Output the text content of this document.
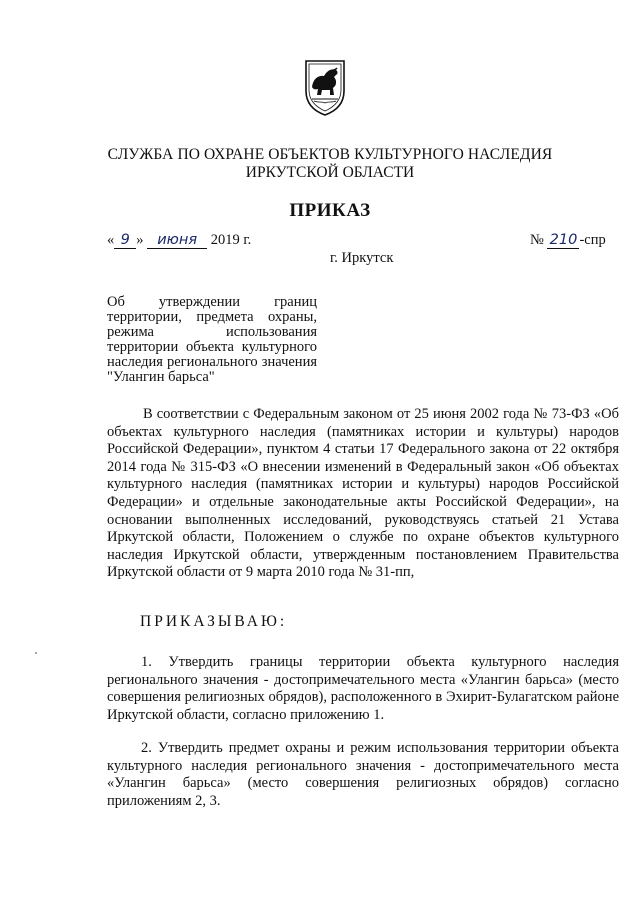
СЛУЖБА ПО ОХРАНЕ ОБЪЕКТОВ КУЛЬТУРНОГО НАСЛЕДИЯ
ИРКУТСКОЙ ОБЛАСТИ
ПРИКАЗ
« 9 » июня 2019 г.	№ 210 -спр
г. Иркутск
Об утверждении границ территории, предмета охраны, режима использования территории объекта культурного наследия регионального значения "Улангин барьса"
В соответствии с Федеральным законом от 25 июня 2002 года № 73-ФЗ «Об объектах культурного наследия (памятниках истории и культуры) народов Российской Федерации», пунктом 4 статьи 17 Федерального закона от 22 октября 2014 года № 315-ФЗ «О внесении изменений в Федеральный закон «Об объектах культурного наследия (памятниках истории и культуры) народов Российской Федерации» и отдельные законодательные акты Российской Федерации», на основании выполненных исследований, руководствуясь статьей 21 Устава Иркутской области, Положением о службе по охране объектов культурного наследия Иркутской области, утвержденным постановлением Правительства Иркутской области от 9 марта 2010 года № 31-пп,
ПРИКАЗЫВАЮ:
1. Утвердить границы территории объекта культурного наследия регионального значения - достопримечательного места «Улангин барьса» (место совершения религиозных обрядов), расположенного в Эхирит-Булагатском районе Иркутской области, согласно приложению 1.
2. Утвердить предмет охраны и режим использования территории объекта культурного наследия регионального значения - достопримечательного места «Улангин барьса» (место совершения религиозных обрядов) согласно приложениям 2, 3.
